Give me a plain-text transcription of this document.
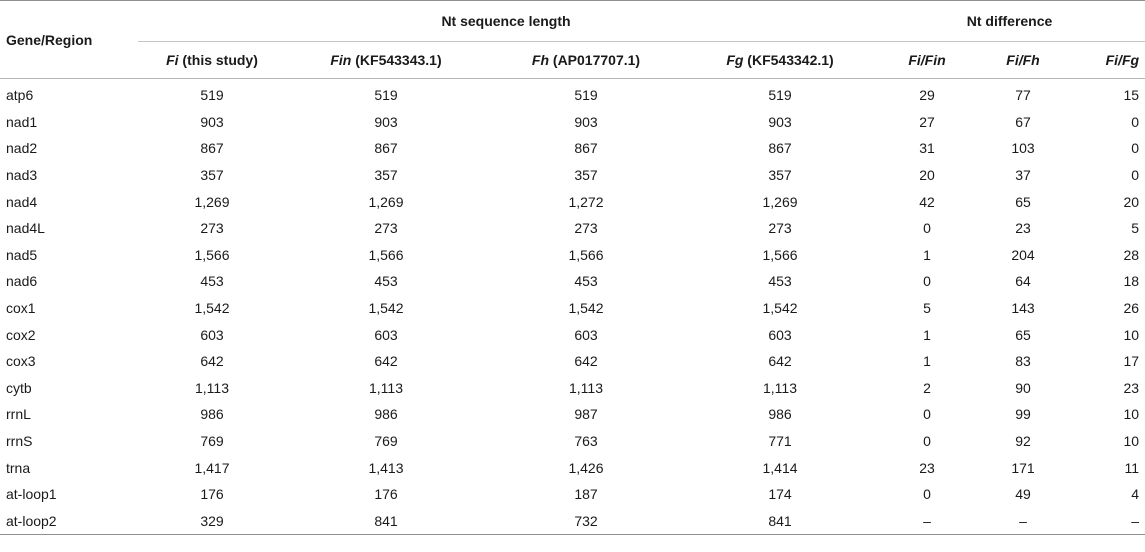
Gene/Region	Nt sequence length				Nt difference		
	Fi (this study)	Fin (KF543343.1)	Fh (AP017707.1)	Fg (KF543342.1)	Fi/Fin	Fi/Fh	Fi/Fg
atp6	519	519	519	519	29	77	15
nad1	903	903	903	903	27	67	0
nad2	867	867	867	867	31	103	0
nad3	357	357	357	357	20	37	0
nad4	1,269	1,269	1,272	1,269	42	65	20
nad4L	273	273	273	273	0	23	5
nad5	1,566	1,566	1,566	1,566	1	204	28
nad6	453	453	453	453	0	64	18
cox1	1,542	1,542	1,542	1,542	5	143	26
cox2	603	603	603	603	1	65	10
cox3	642	642	642	642	1	83	17
cytb	1,113	1,113	1,113	1,113	2	90	23
rrnL	986	986	987	986	0	99	10
rrnS	769	769	763	771	0	92	10
trna	1,417	1,413	1,426	1,414	23	171	11
at-loop1	176	176	187	174	0	49	4
at-loop2	329	841	732	841	–	–	–
